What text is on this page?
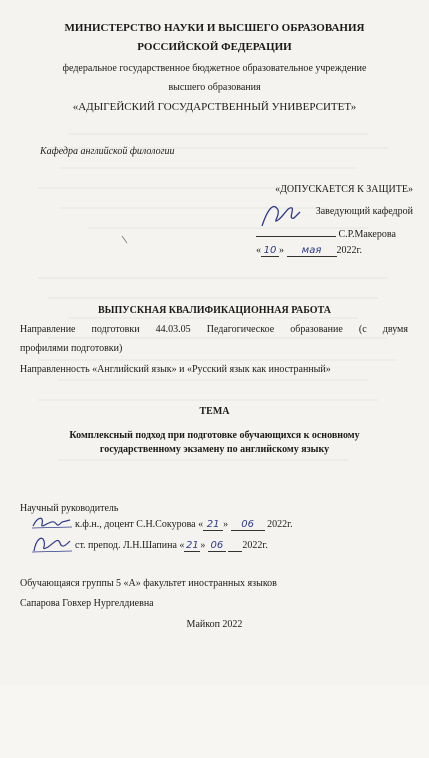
МИНИСТЕРСТВО НАУКИ И ВЫСШЕГО ОБРАЗОВАНИЯ
РОССИЙСКОЙ ФЕДЕРАЦИИ
федеральное государственное бюджетное образовательное учреждение
высшего образования
«АДЫГЕЙСКИЙ ГОСУДАРСТВЕННЫЙ УНИВЕРСИТЕТ»
Кафедра английской филологии
«ДОПУСКАЕТСЯ К ЗАЩИТЕ»
Заведующий кафедрой
С.Р.Макерова
« 10 » мая 2022г.
ВЫПУСКНАЯ КВАЛИФИКАЦИОННАЯ РАБОТА
Направление подготовки 44.03.05 Педагогическое образование (с двумя
профилями подготовки)
Направленность «Английский язык» и «Русский язык как иностранный»
ТЕМА
Комплексный подход при подготовке обучающихся к основному
государственному экзамену по английскому языку
Научный руководитель
к.ф.н., доцент С.Н.Сокурова « 21 » 06 2022г.
ст. препод. Л.Н.Шапина « 21 » 06 2022г.
Обучающаяся группы 5 «А» факультет иностранных языков
Сапарова Говхер Нургелдиевна
Майкоп 2022
